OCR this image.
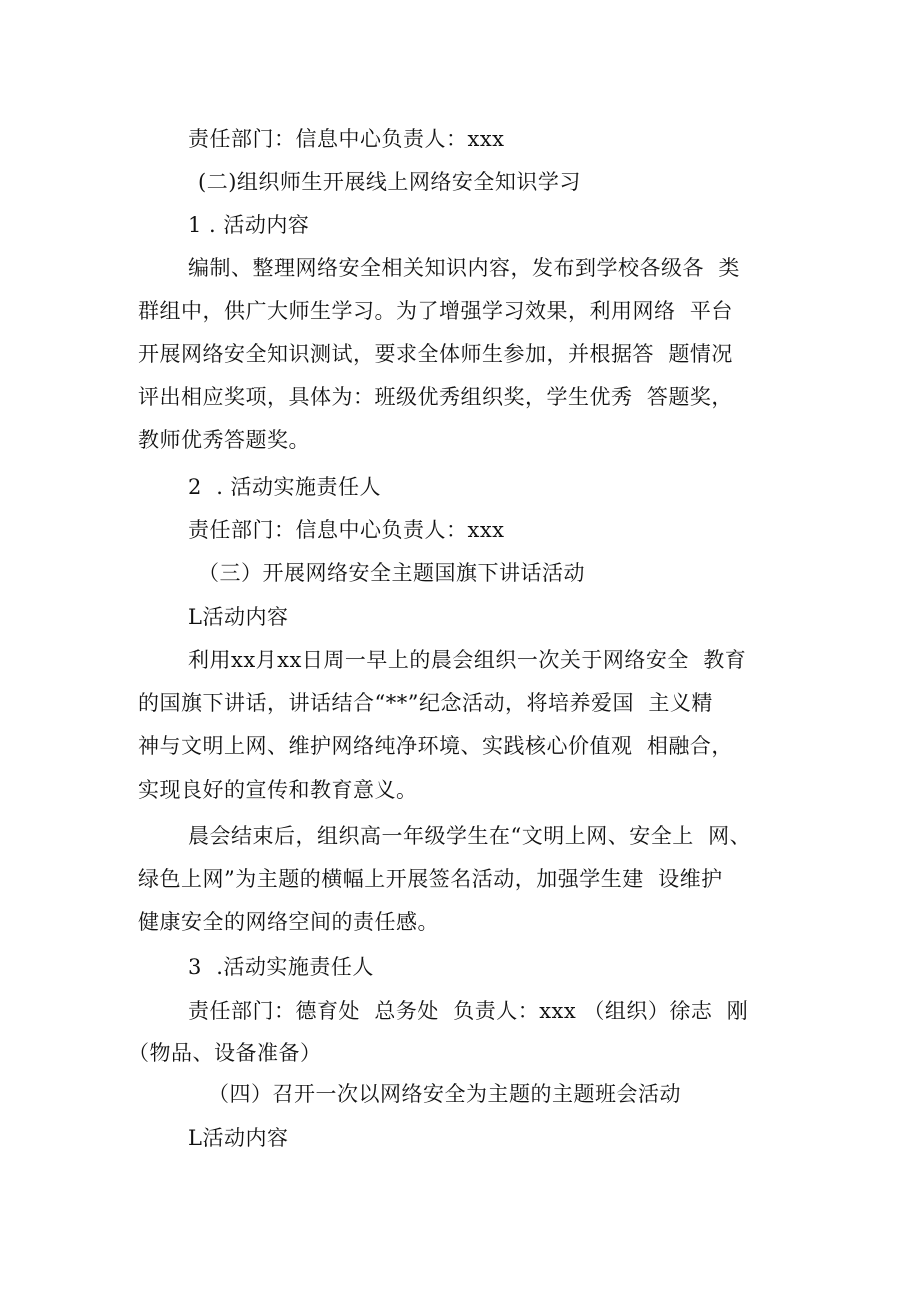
责任部门：信息中心负责人：xxx
(二)组织师生开展线上网络安全知识学习
1 . 活动内容
编制、整理网络安全相关知识内容，发布到学校各级各  类
群组中，供广大师生学习。为了增强学习效果，利用网络  平台
开展网络安全知识测试，要求全体师生参加，并根据答  题情况
评出相应奖项，具体为：班级优秀组织奖，学生优秀  答题奖，
教师优秀答题奖。
2  . 活动实施责任人
责任部门：信息中心负责人：xxx
（三）开展网络安全主题国旗下讲话活动
L活动内容
利用xx月xx日周一早上的晨会组织一次关于网络安全  教育
的国旗下讲话，讲话结合“**”纪念活动，将培养爱国  主义精
神与文明上网、维护网络纯净环境、实践核心价值观  相融合，
实现良好的宣传和教育意义。
晨会结束后，组织高一年级学生在“文明上网、安全上  网、
绿色上网”为主题的横幅上开展签名活动，加强学生建  设维护
健康安全的网络空间的责任感。
3  .活动实施责任人
责任部门：德育处  总务处  负责人：xxx （组织）徐志  刚
（物品、设备准备）
（四）召开一次以网络安全为主题的主题班会活动
L活动内容
